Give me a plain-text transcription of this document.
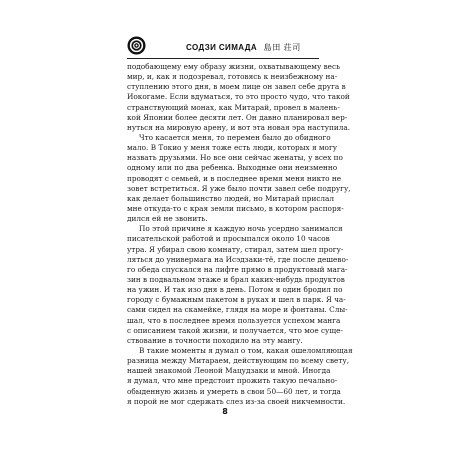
СОДЗИ СИМАДА 島田 荘司
подобающему ему образу жизни, охватывающему весь
мир, и, как я подозревал, готовясь к неизбежному на-
ступлению этого дня, в моем лице он завел себе друга в
Иокогаме. Если вдуматься, то это просто чудо, что такой
странствующий монах, как Митарай, провел в малень-
кой Японии более десяти лет. Он давно планировал вер-
нуться на мировую арену, и вот эта новая эра наступила.
Что касается меня, то перемен было до обидного
мало. В Токио у меня тоже есть люди, которых я могу
назвать друзьями. Но все они сейчас женаты, у всех по
одному или по два ребенка. Выходные они неизменно
проводят с семьей, и в последнее время меня никто не
зовет встретиться. Я уже было почти завел себе подругу,
как делает большинство людей, но Митарай прислал
мне откуда-то с края земли письмо, в котором распоря-
дился ей не звонить.
По этой причине я каждую ночь усердно занимался
писательской работой и просыпался около 10 часов
утра. Я убирал свою комнату, стирал, затем шел прогу-
ляться до универмага на Исэдзаки-тё, где после дешево-
го обеда спускался на лифте прямо в продуктовый мага-
зин в подвальном этаже и брал каких-нибудь продуктов
на ужин. И так изо дня в день. Потом я один бродил по
городу с бумажным пакетом в руках и шел в парк. Я ча-
сами сидел на скамейке, глядя на море и фонтаны. Слы-
шал, что в последнее время пользуется успехом манга
с описанием такой жизни, и получается, что мое суще-
ствование в точности походило на эту мангу.
В такие моменты я думал о том, какая ошеломляющая
разница между Митараем, действующим по всему свету,
нашей знакомой Леоной Мацудзаки и мной. Иногда
я думал, что мне предстоит прожить такую печально-
обыденную жизнь и умереть в свои 50—60 лет, и тогда
я порой не мог сдержать слез из-за своей никчемности.
8
